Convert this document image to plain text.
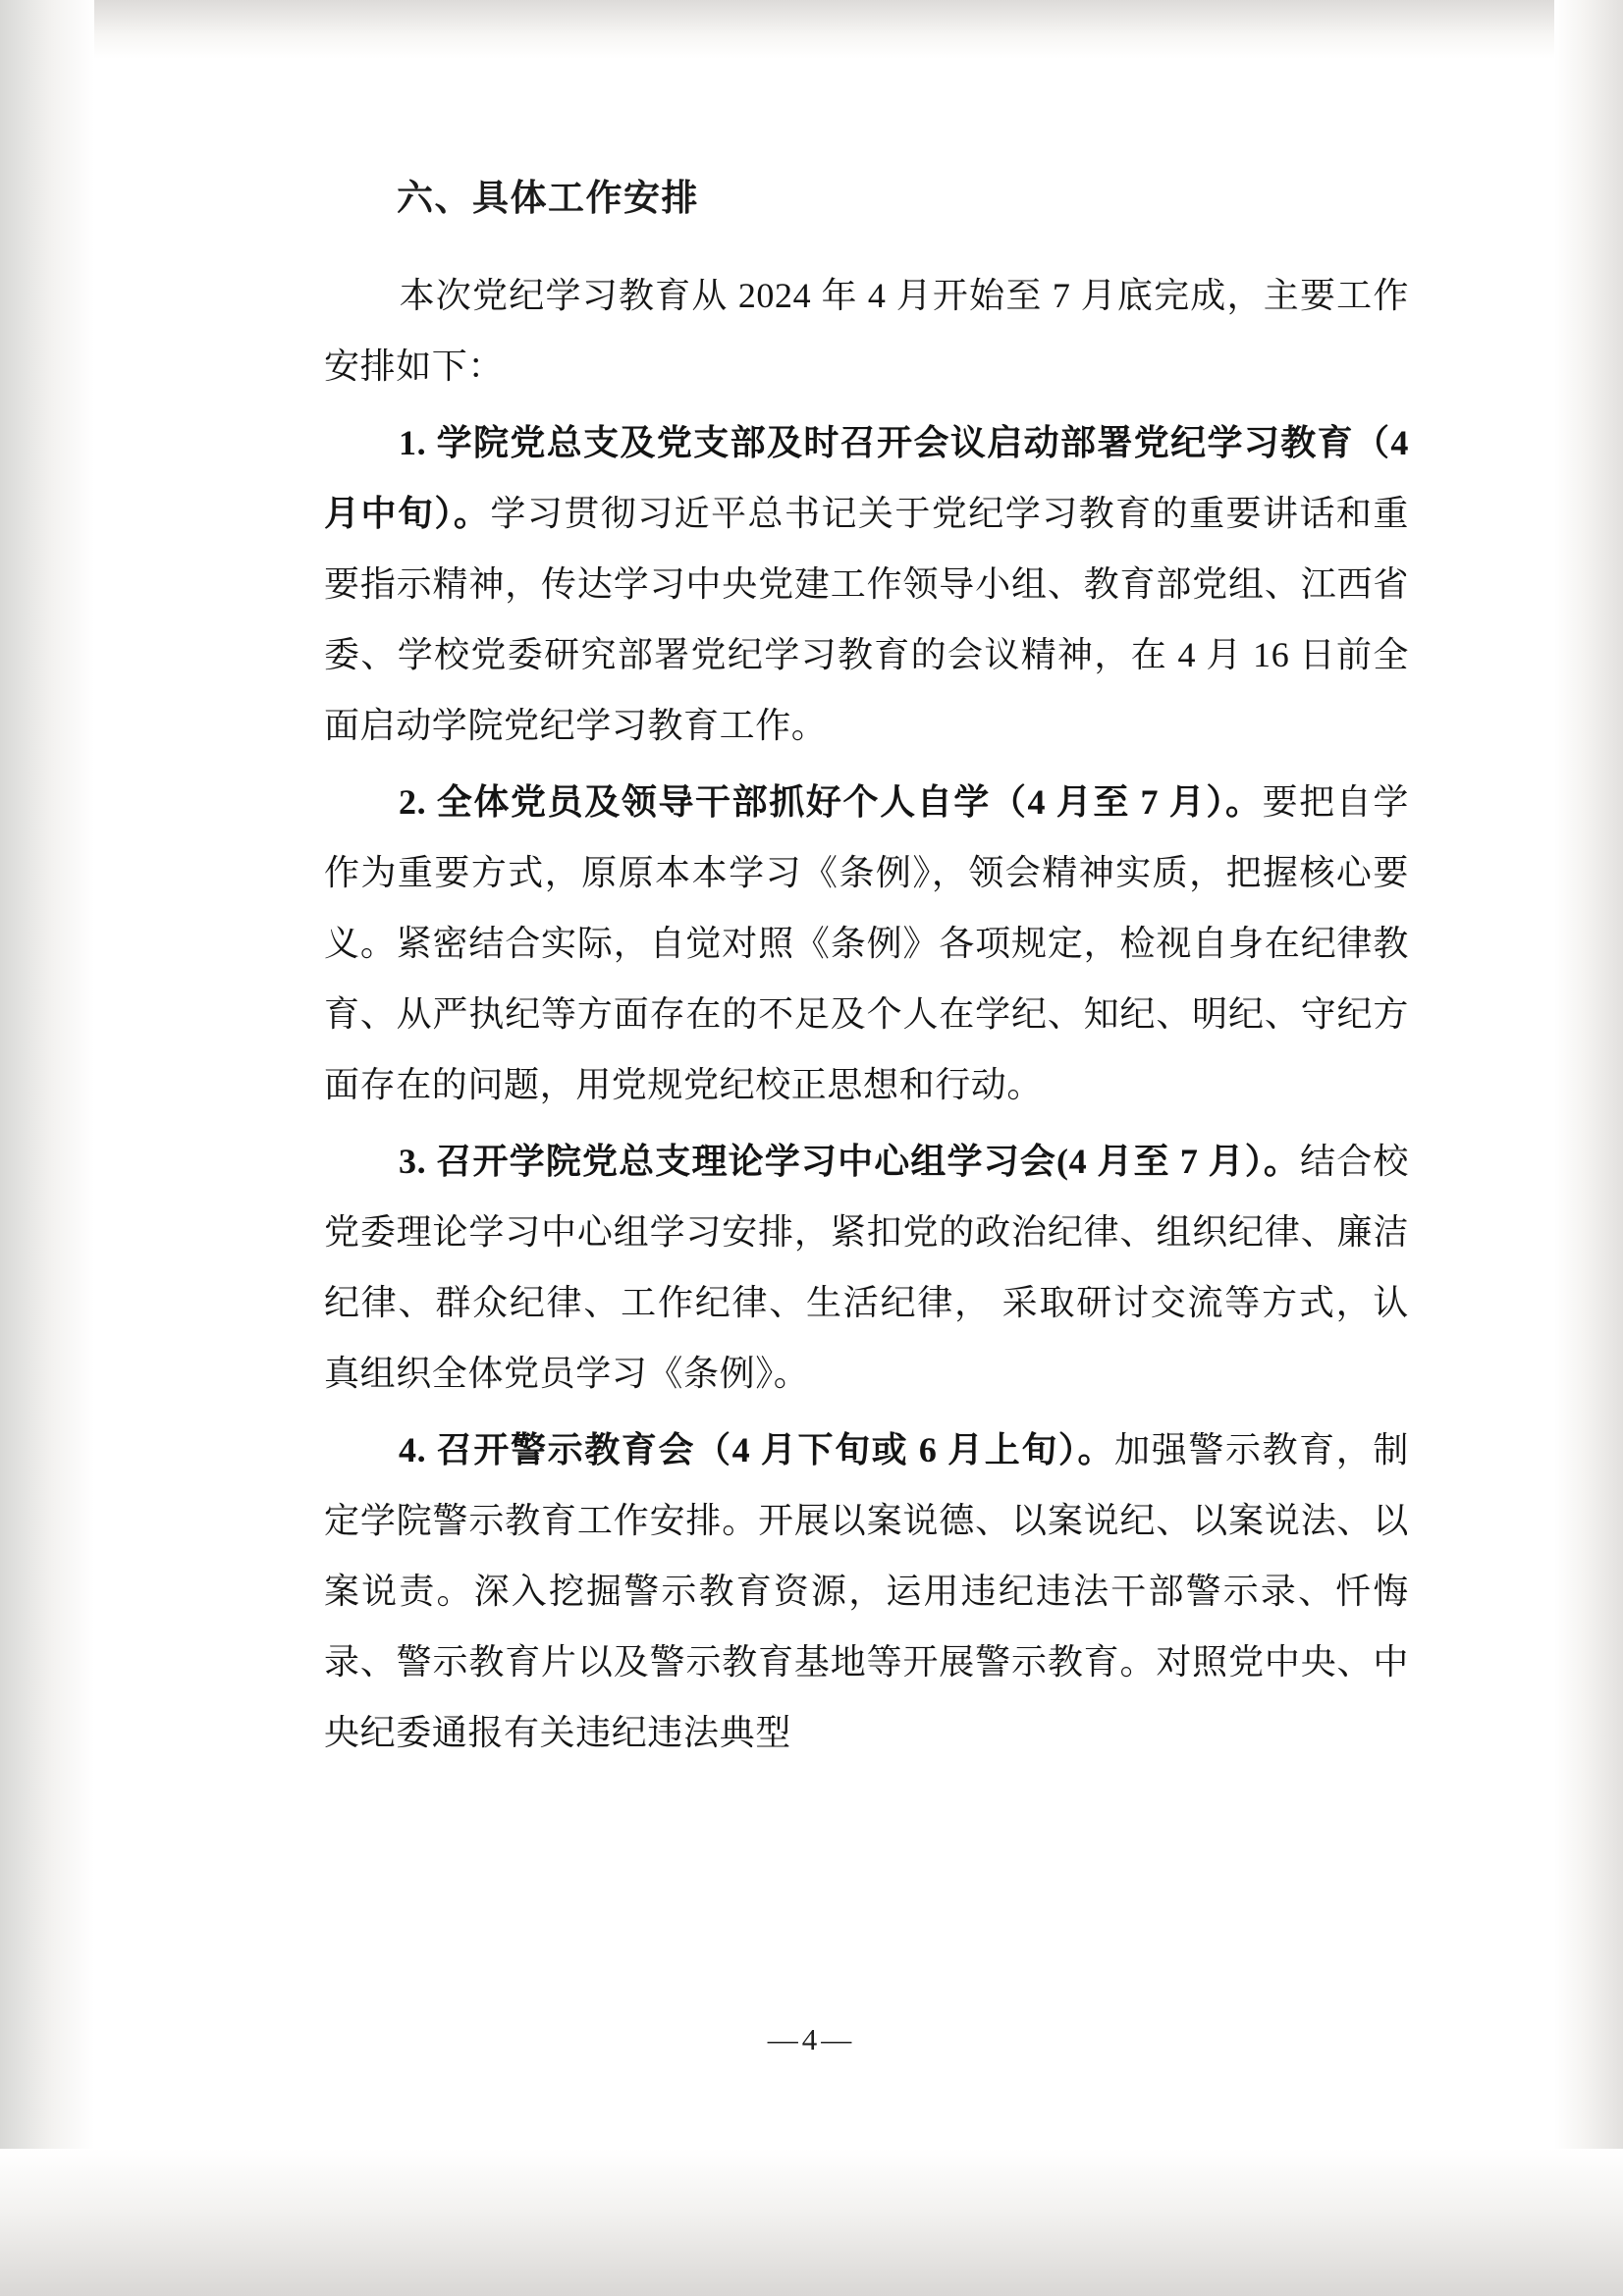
六、具体工作安排

本次党纪学习教育从 2024 年 4 月开始至 7 月底完成，主要工作安排如下：

1. 学院党总支及党支部及时召开会议启动部署党纪学习教育（4 月中旬）。学习贯彻习近平总书记关于党纪学习教育的重要讲话和重要指示精神，传达学习中央党建工作领导小组、教育部党组、江西省委、学校党委研究部署党纪学习教育的会议精神，在 4 月 16 日前全面启动学院党纪学习教育工作。

2. 全体党员及领导干部抓好个人自学（4 月至 7 月）。要把自学作为重要方式，原原本本学习《条例》，领会精神实质，把握核心要义。紧密结合实际，自觉对照《条例》各项规定，检视自身在纪律教育、从严执纪等方面存在的不足及个人在学纪、知纪、明纪、守纪方面存在的问题，用党规党纪校正思想和行动。

3. 召开学院党总支理论学习中心组学习会(4 月至 7 月）。结合校党委理论学习中心组学习安排，紧扣党的政治纪律、组织纪律、廉洁纪律、群众纪律、工作纪律、生活纪律， 采取研讨交流等方式，认真组织全体党员学习《条例》。

4. 召开警示教育会（4 月下旬或 6 月上旬）。加强警示教育，制定学院警示教育工作安排。开展以案说德、以案说纪、以案说法、以案说责。深入挖掘警示教育资源，运用违纪违法干部警示录、忏悔录、警示教育片以及警示教育基地等开展警示教育。对照党中央、中央纪委通报有关违纪违法典型

—4—
